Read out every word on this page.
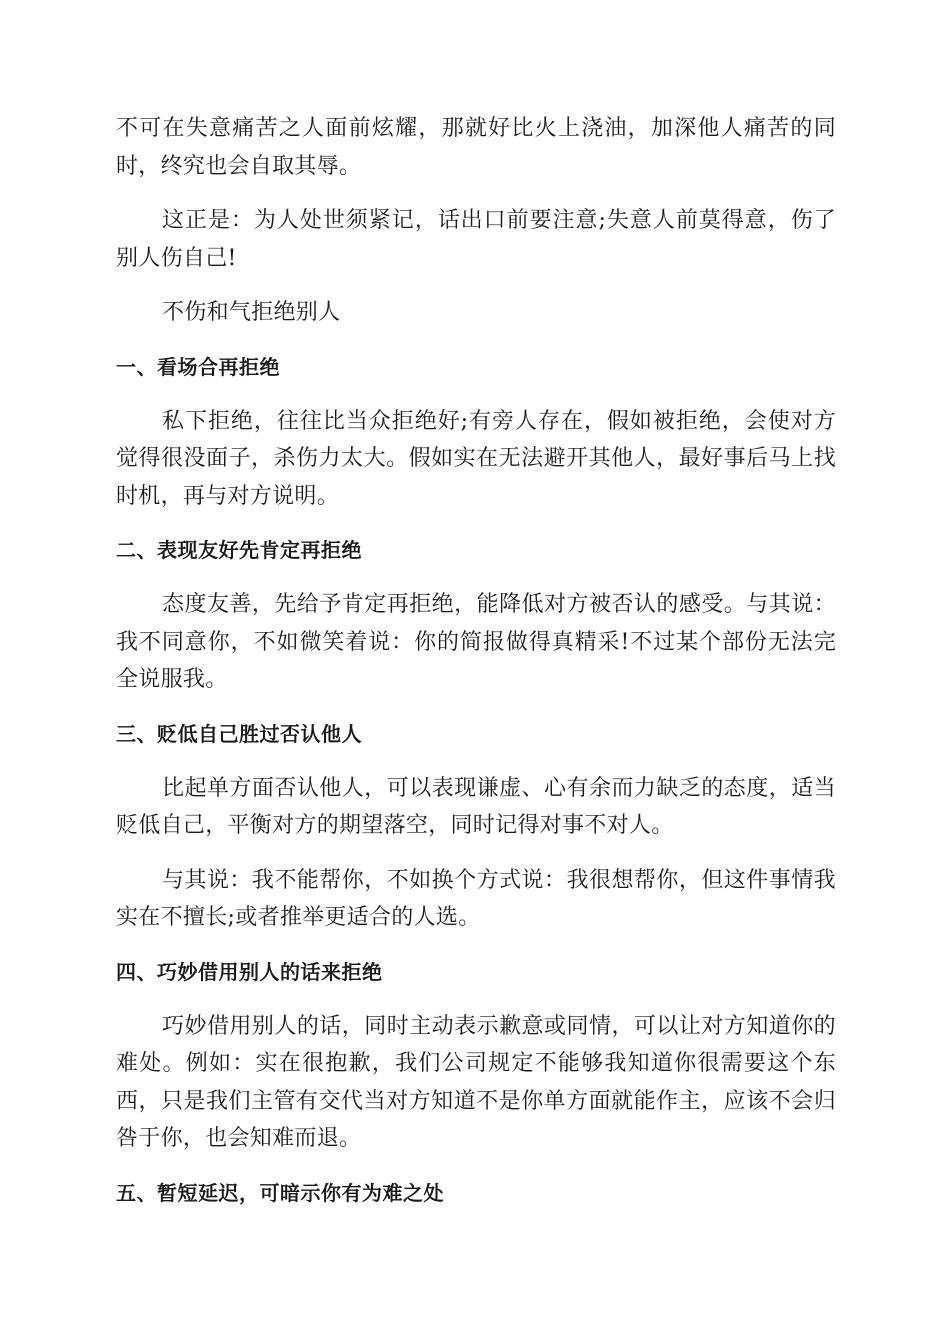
不可在失意痛苦之人面前炫耀，那就好比火上浇油，加深他人痛苦的同时，终究也会自取其辱。

这正是：为人处世须紧记，话出口前要注意;失意人前莫得意，伤了别人伤自己!

不伤和气拒绝别人

一、看场合再拒绝

私下拒绝，往往比当众拒绝好;有旁人存在，假如被拒绝，会使对方觉得很没面子，杀伤力太大。假如实在无法避开其他人，最好事后马上找时机，再与对方说明。

二、表现友好先肯定再拒绝

态度友善，先给予肯定再拒绝，能降低对方被否认的感受。与其说：我不同意你，不如微笑着说：你的简报做得真精采!不过某个部份无法完全说服我。

三、贬低自己胜过否认他人

比起单方面否认他人，可以表现谦虚、心有余而力缺乏的态度，适当贬低自己，平衡对方的期望落空，同时记得对事不对人。

与其说：我不能帮你，不如换个方式说：我很想帮你，但这件事情我实在不擅长;或者推举更适合的人选。

四、巧妙借用别人的话来拒绝

巧妙借用别人的话，同时主动表示歉意或同情，可以让对方知道你的难处。例如：实在很抱歉，我们公司规定不能够我知道你很需要这个东西，只是我们主管有交代当对方知道不是你单方面就能作主，应该不会归咎于你，也会知难而退。

五、暂短延迟，可暗示你有为难之处
